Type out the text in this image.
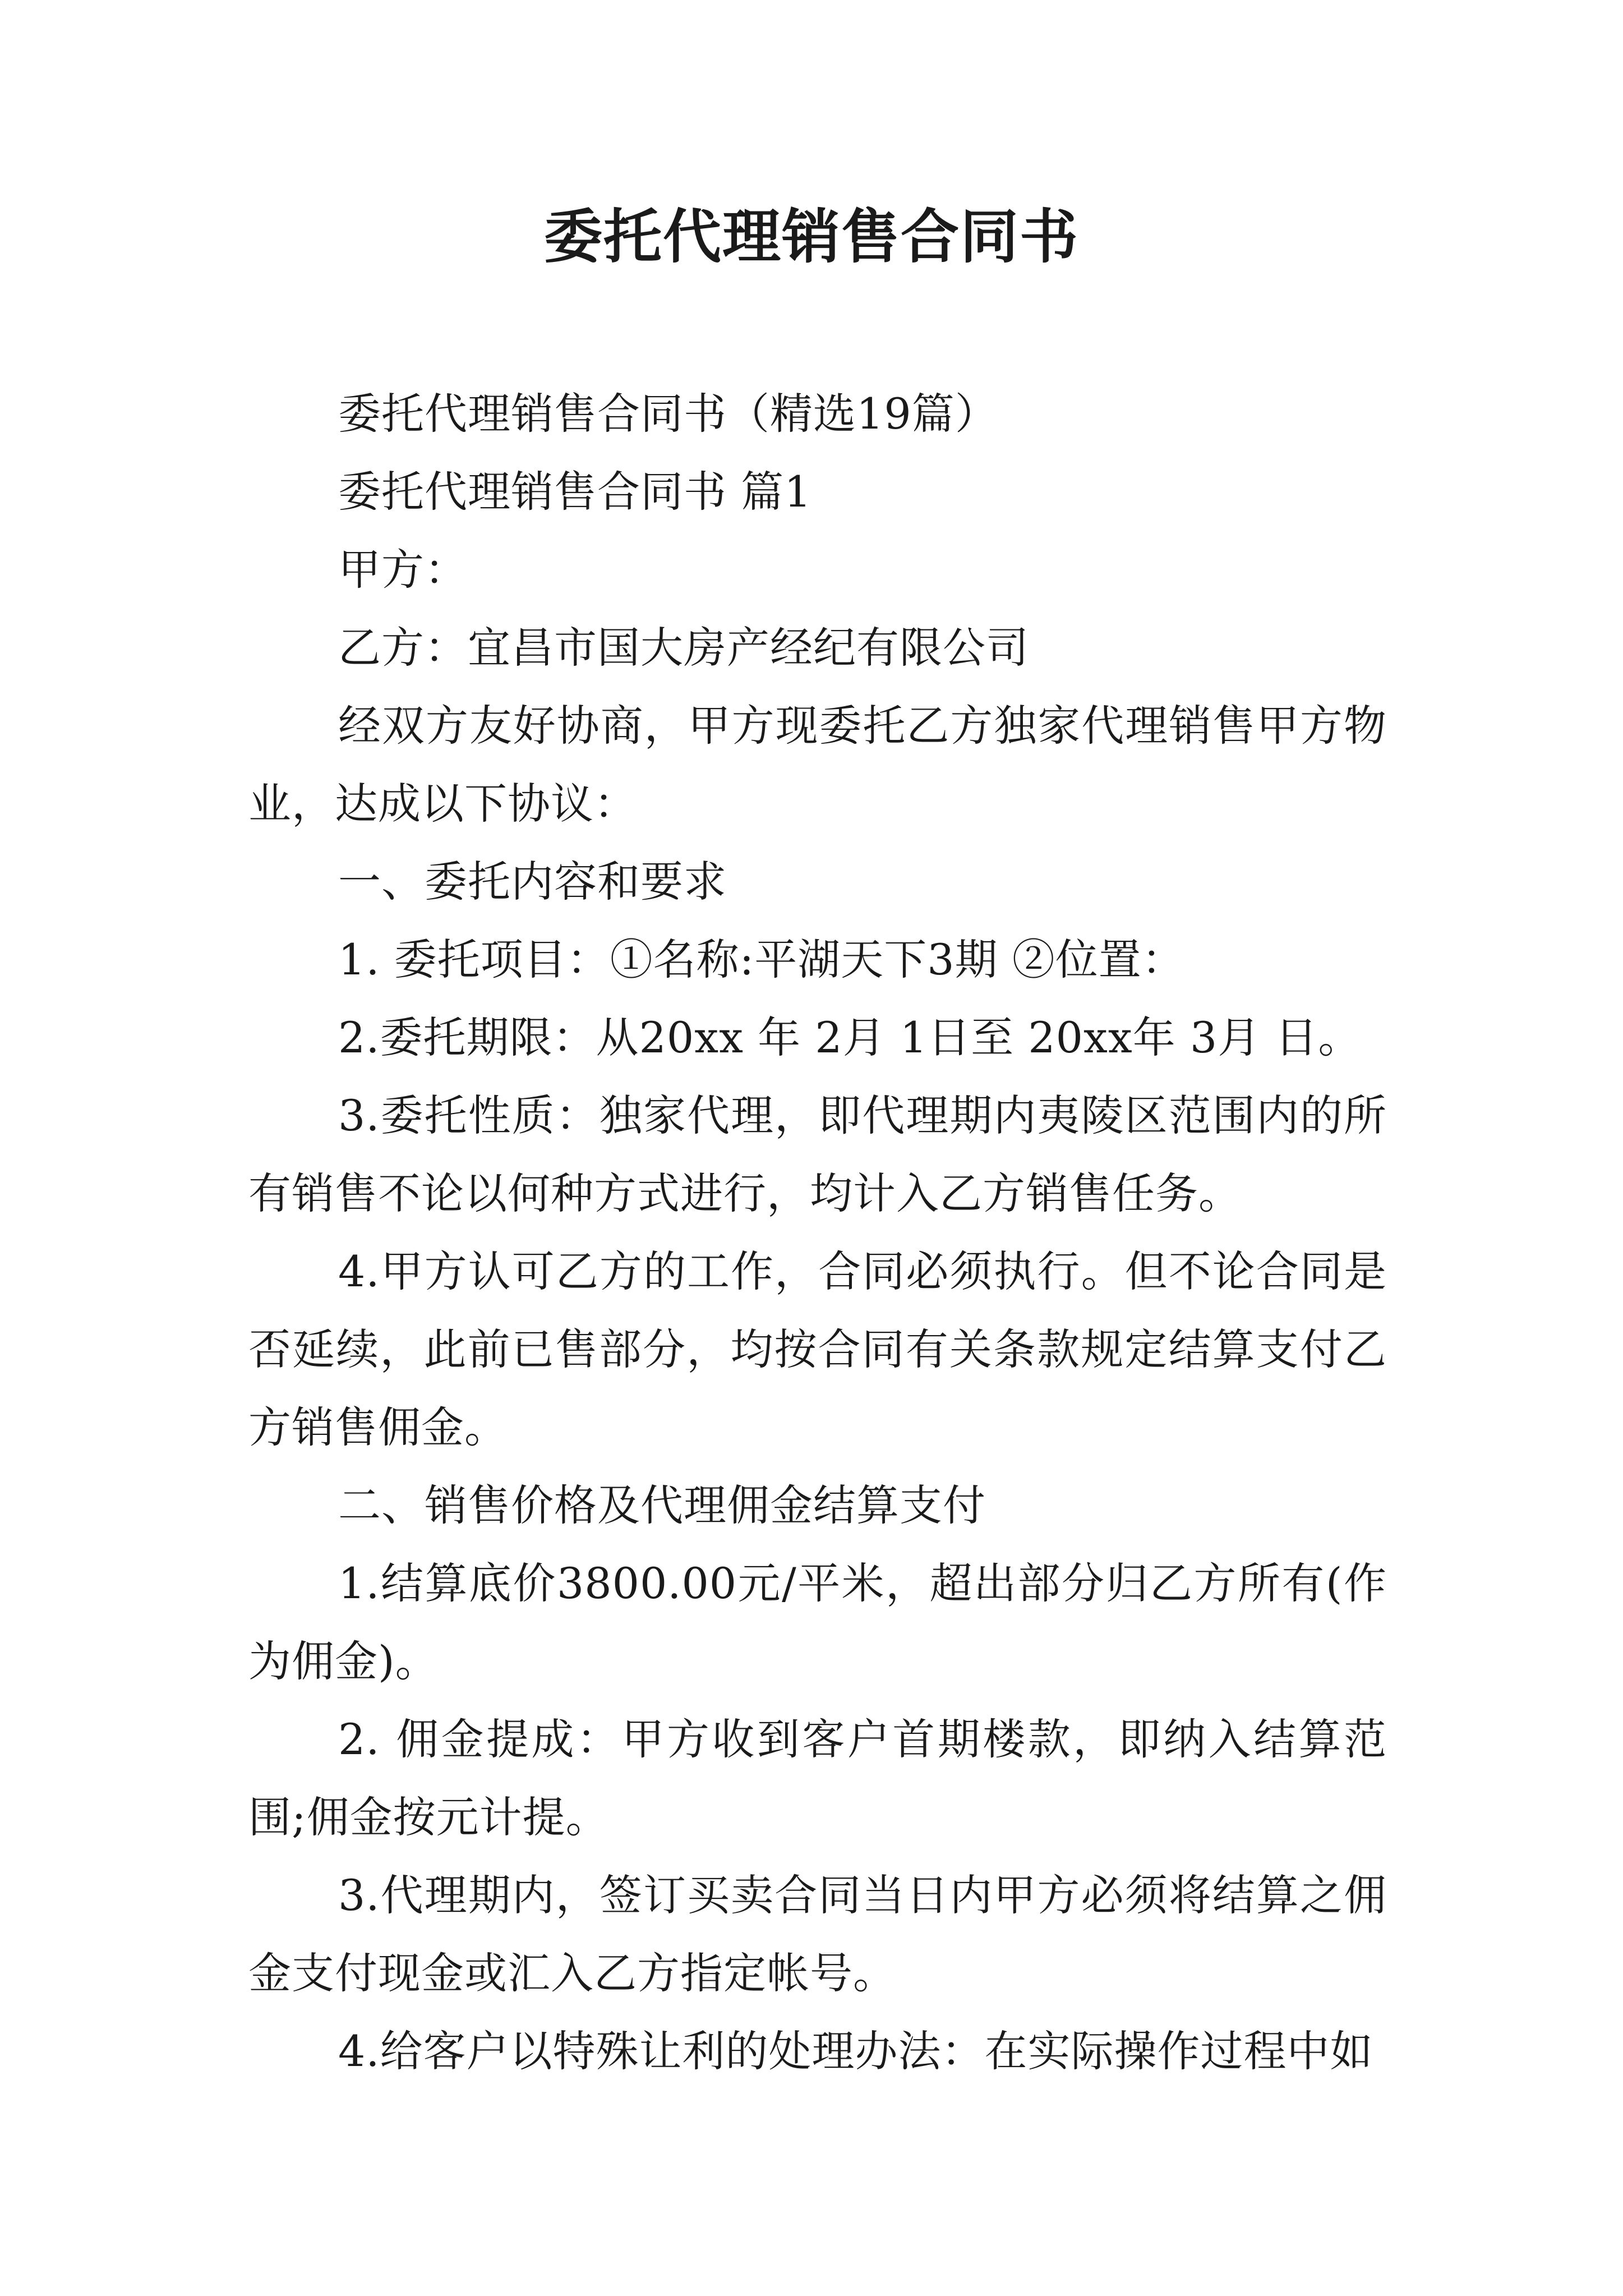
委托代理销售合同书

委托代理销售合同书（精选19篇）

委托代理销售合同书 篇1

甲方：

乙方：宜昌市国大房产经纪有限公司

经双方友好协商，甲方现委托乙方独家代理销售甲方物业，达成以下协议：

一、委托内容和要求

1. 委托项目：①名称:平湖天下3期 ②位置：

2.委托期限：从20xx 年 2月 1日至 20xx年 3月 日。

3.委托性质：独家代理，即代理期内夷陵区范围内的所有销售不论以何种方式进行，均计入乙方销售任务。

4.甲方认可乙方的工作，合同必须执行。但不论合同是否延续，此前已售部分，均按合同有关条款规定结算支付乙方销售佣金。

二、销售价格及代理佣金结算支付

1.结算底价3800.00元/平米，超出部分归乙方所有(作为佣金)。

2. 佣金提成：甲方收到客户首期楼款，即纳入结算范围;佣金按元计提。

3.代理期内，签订买卖合同当日内甲方必须将结算之佣金支付现金或汇入乙方指定帐号。

4.给客户以特殊让利的处理办法：在实际操作过程中如
